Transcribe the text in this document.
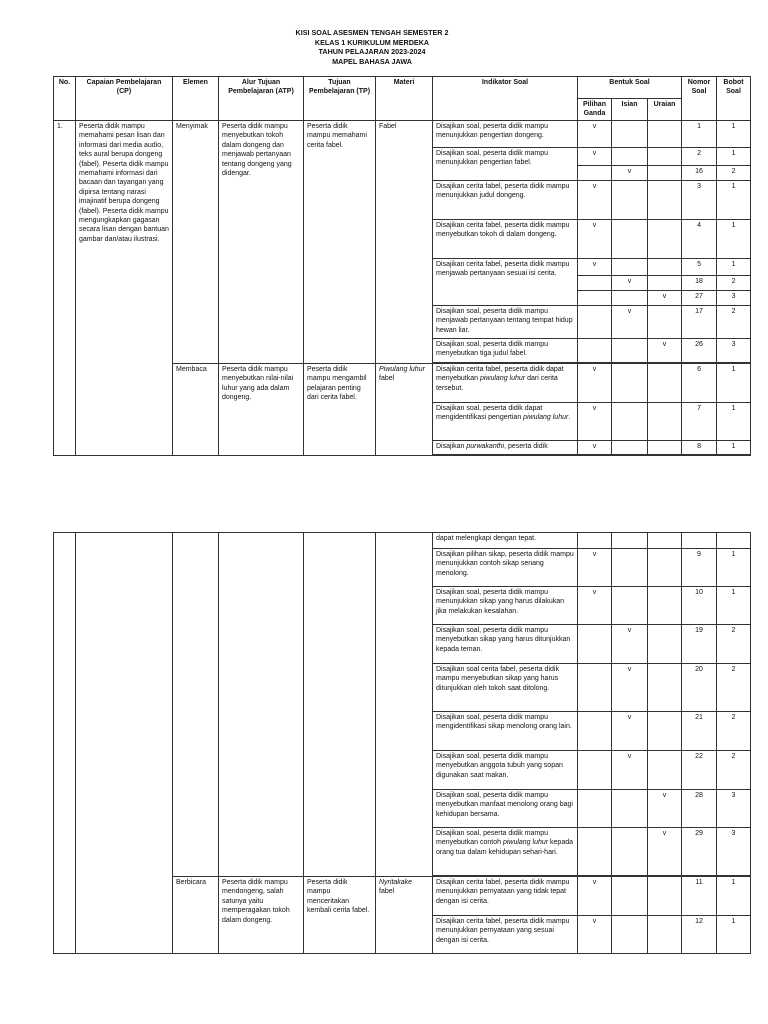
KISI SOAL ASESMEN TENGAH SEMESTER 2
KELAS 1 KURIKULUM MERDEKA
TAHUN PELAJARAN 2023-2024
MAPEL BAHASA JAWA
No.	Capaian Pembelajaran (CP)	Elemen	Alur Tujuan Pembelajaran (ATP)	Tujuan Pembelajaran (TP)	Materi	Indikator Soal	Bentuk Soal			Nomor Soal	Bobot Soal
							Pilihan Ganda	Isian	Uraian		
1.	Peserta didik mampu memahami pesan lisan dan informasi dari media audio, teks aural berupa dongeng (fabel). Peserta didik mampu memahami informasi dari bacaan dan tayangan yang dipirsa tentang narasi imajinatif berupa dongeng (fabel). Peserta didik mampu mengungkapkan gagasan secara lisan dengan bantuan gambar dan/atau ilustrasi.	Menyimak	Peserta didik mampu menyebutkan tokoh dalam dongeng dan menjawab pertanyaan tentang dongeng yang didengar.	Peserta didik mampu memahami cerita fabel.	Fabel	Disajikan soal, peserta didik mampu menunjukkan pengertian dongeng.	v			1	1
						Disajikan soal, peserta didik mampu menunjukkan pengertian fabel.	v			2	1
								v		16	2
						Disajikan cerita fabel, peserta didik mampu menunjukkan judul dongeng.	v			3	1
						Disajikan cerita fabel, peserta didik mampu menyebutkan tokoh di dalam dongeng.	v			4	1
						Disajikan cerita fabel, peserta didik mampu menjawab pertanyaan sesuai isi cerita.	v			5	1
								v		18	2
									v	27	3
						Disajikan soal, peserta didik mampu menjawab pertanyaan tentang tempat hidup hewan liar.		v		17	2
						Disajikan soal, peserta didik mampu menyebutkan tiga judul fabel.			v	26	3

		Membaca	Peserta didik mampu menyebutkan nilai-nilai luhur yang ada dalam dongeng.	Peserta didik mampu mengambil pelajaran penting dari cerita fabel.	Piwulang luhur fabel	Disajikan cerita fabel, peserta didik dapat menyebutkan piwulang luhur dari cerita tersebut.	v			6	1
						Disajikan soal, peserta didik dapat mengidentifikasi pengertian piwulang luhur.	v			7	1
						Disajikan purwakanthi, peserta didik	v			8	1

						dapat melengkapi dengan tepat.					
						Disajikan pilihan sikap, peserta didik mampu menunjukkan contoh sikap senang menolong.	v			9	1
						Disajikan soal, peserta didik mampu menunjukkan sikap yang harus dilakukan jika melakukan kesalahan.	v			10	1
						Disajikan soal, peserta didik mampu menyebutkan sikap yang harus ditunjukkan kepada teman.		v		19	2
						Disajikan soal cerita fabel, peserta didik mampu menyebutkan sikap yang harus ditunjukkan oleh tokoh saat ditolong.		v		20	2
						Disajikan soal, peserta didik mampu mengidentifikasi sikap menolong orang lain.		v		21	2
						Disajikan soal, peserta didik mampu menyebutkan anggota tubuh yang sopan digunakan saat makan.		v		22	2
						Disajikan soal, peserta didik mampu menyebutkan manfaat menolong orang bagi kehidupan bersama.			v	28	3
						Disajikan soal, peserta didik mampu menyebutkan contoh piwulang luhur kepada orang tua dalam kehidupan sehari-hari.			v	29	3

		Berbicara	Peserta didik mampu mendongeng, salah satunya yaitu memperagakan tokoh dalam dongeng.	Peserta didik mampu menceritakan kembali cerita fabel.	Nyritakake fabel	Disajikan cerita fabel, peserta didik mampu menunjukkan pernyataan yang tidak tepat dengan isi cerita.	v			11	1
						Disajikan cerita fabel, peserta didik mampu menunjukkan pernyataan yang sesuai dengan isi cerita.	v			12	1
